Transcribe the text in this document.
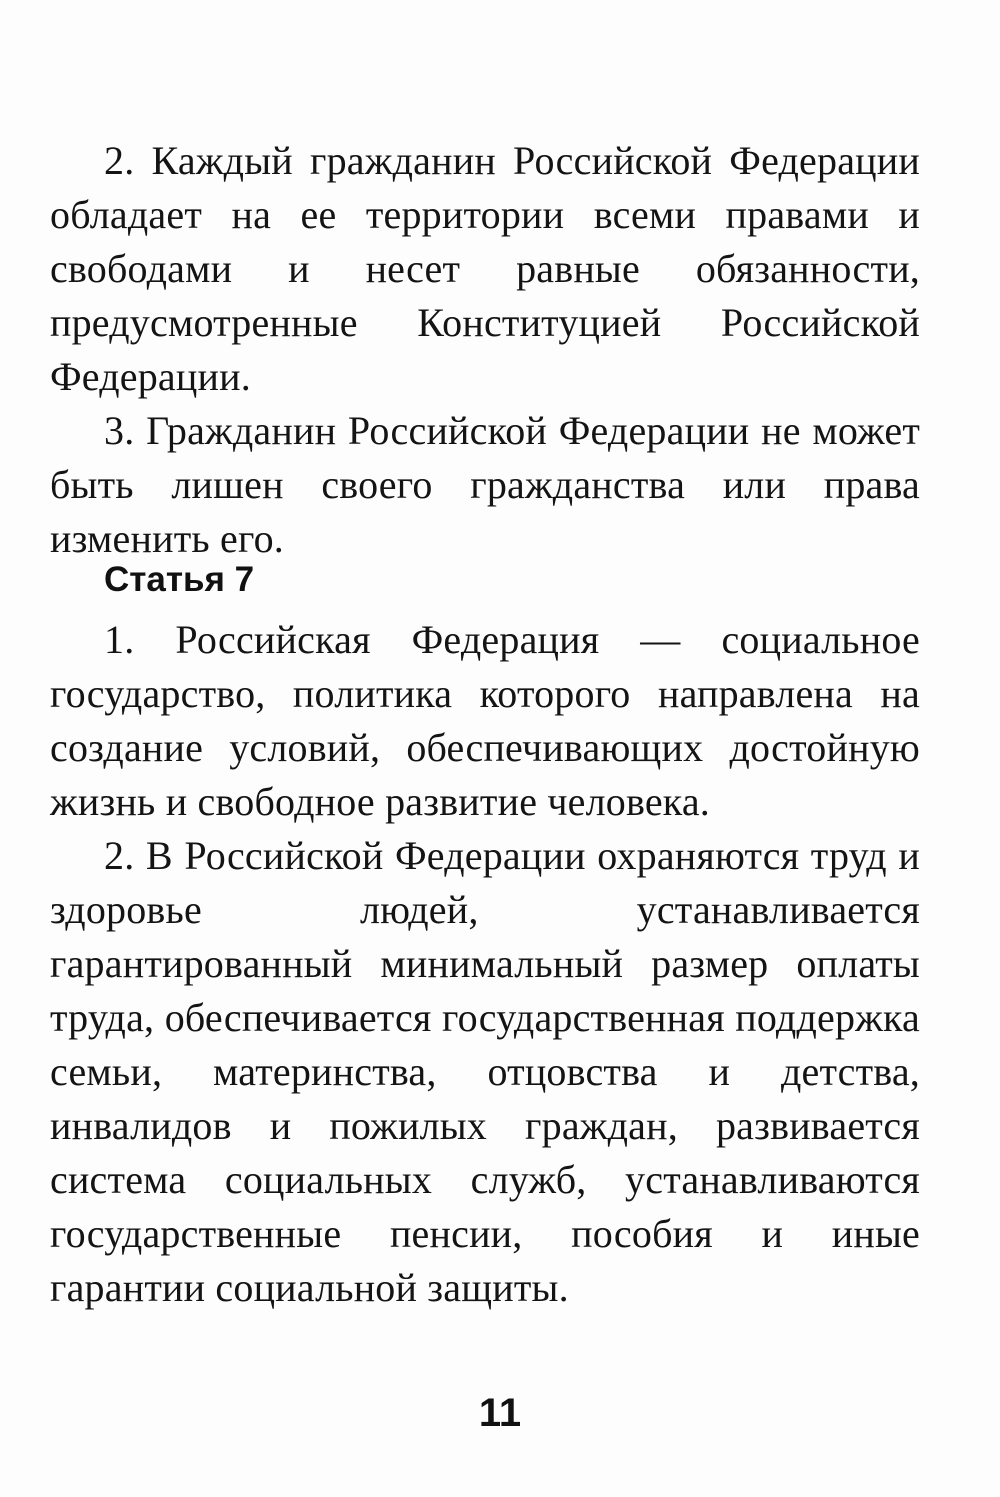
2. Каждый гражданин Российской Федерации обладает на ее территории всеми правами и свободами и несет равные обязанности, предусмотренные Конституцией Российской Федерации.

3. Гражданин Российской Федерации не может быть лишен своего гражданства или права изменить его.

Статья 7

1. Российская Федерация — социальное государство, политика которого направлена на создание условий, обеспечивающих достойную жизнь и свободное развитие человека.

2. В Российской Федерации охраняются труд и здоровье людей, устанавливается гарантированный минимальный размер оплаты труда, обеспечивается государственная поддержка семьи, материнства, отцовства и детства, инвалидов и пожилых граждан, развивается система социальных служб, устанавливаются государственные пенсии, пособия и иные гарантии социальной защиты.

11
